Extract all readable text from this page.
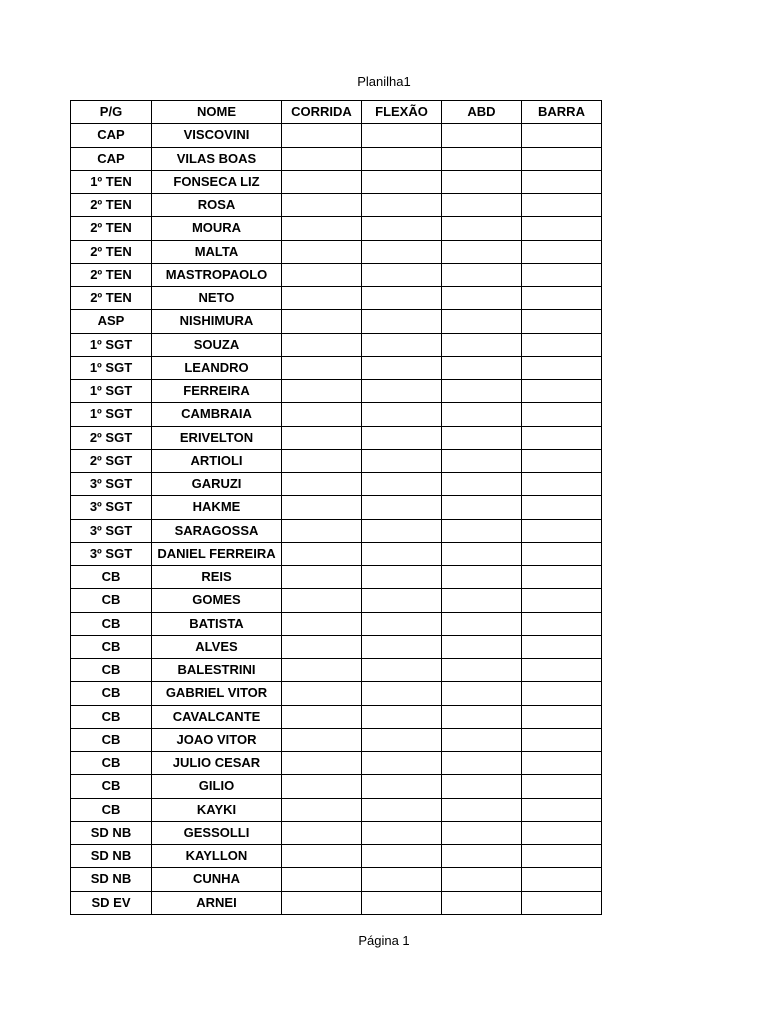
Planilha1
P/G	NOME	CORRIDA	FLEXÃO	ABD	BARRA
CAP	VISCOVINI				
CAP	VILAS BOAS				
1º TEN	FONSECA LIZ				
2º TEN	ROSA				
2º TEN	MOURA				
2º TEN	MALTA				
2º TEN	MASTROPAOLO				
2º TEN	NETO				
ASP	NISHIMURA				
1º SGT	SOUZA				
1º SGT	LEANDRO				
1º SGT	FERREIRA				
1º SGT	CAMBRAIA				
2º SGT	ERIVELTON				
2º SGT	ARTIOLI				
3º SGT	GARUZI				
3º SGT	HAKME				
3º SGT	SARAGOSSA				
3º SGT	DANIEL FERREIRA				
CB	REIS				
CB	GOMES				
CB	BATISTA				
CB	ALVES				
CB	BALESTRINI				
CB	GABRIEL VITOR				
CB	CAVALCANTE				
CB	JOAO VITOR				
CB	JULIO CESAR				
CB	GILIO				
CB	KAYKI				
SD NB	GESSOLLI				
SD NB	KAYLLON				
SD NB	CUNHA				
SD EV	ARNEI				
Página 1
